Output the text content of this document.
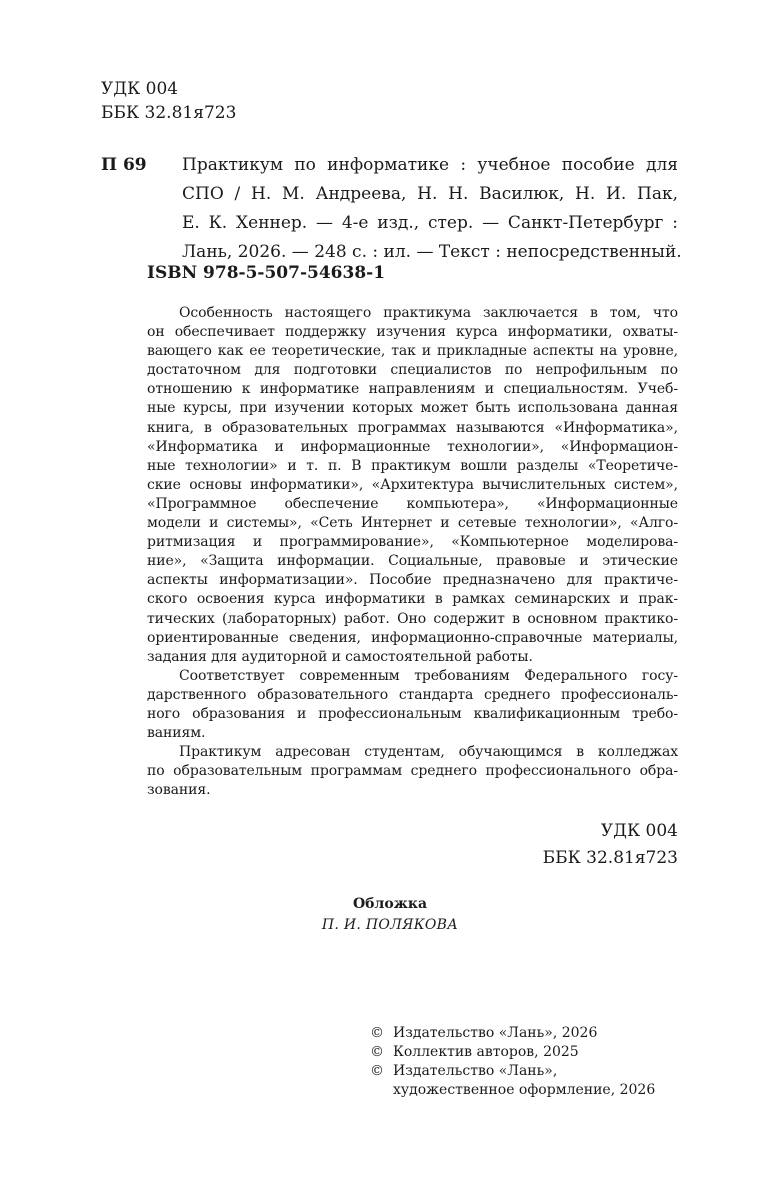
УДК 004
ББК 32.81я723
П 69 Практикум по информатике : учебное пособие для
СПО / Н. М. Андреева, Н. Н. Василюк, Н. И. Пак,
Е. К. Хеннер. — 4-е изд., стер. — Санкт-Петербург :
Лань, 2026. — 248 с. : ил. — Текст : непосредственный.
ISBN 978-5-507-54638-1
Особенность настоящего практикума заключается в том, что
он обеспечивает поддержку изучения курса информатики, охваты-
вающего как ее теоретические, так и прикладные аспекты на уровне,
достаточном для подготовки специалистов по непрофильным по
отношению к информатике направлениям и специальностям. Учеб-
ные курсы, при изучении которых может быть использована данная
книга, в образовательных программах называются «Информатика»,
«Информатика и информационные технологии», «Информацион-
ные технологии» и т. п. В практикум вошли разделы «Теоретиче-
ские основы информатики», «Архитектура вычислительных систем»,
«Программное обеспечение компьютера», «Информационные
модели и системы», «Сеть Интернет и сетевые технологии», «Алго-
ритмизация и программирование», «Компьютерное моделирова-
ние», «Защита информации. Социальные, правовые и этические
аспекты информатизации». Пособие предназначено для практиче-
ского освоения курса информатики в рамках семинарских и прак-
тических (лабораторных) работ. Оно содержит в основном практико-
ориентированные сведения, информационно-справочные материалы,
задания для аудиторной и самостоятельной работы.
Соответствует современным требованиям Федерального госу-
дарственного образовательного стандарта среднего профессиональ-
ного образования и профессиональным квалификационным требо-
ваниям.
Практикум адресован студентам, обучающимся в колледжах
по образовательным программам среднего профессионального обра-
зования.
УДК 004
ББК 32.81я723
Обложка
П. И. ПОЛЯКОВА
© Издательство «Лань», 2026
© Коллектив авторов, 2025
© Издательство «Лань»,
художественное оформление, 2026
